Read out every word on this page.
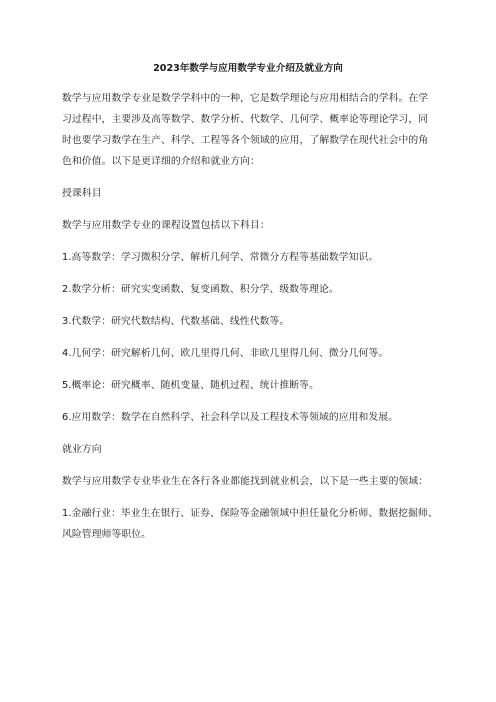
2023年数学与应用数学专业介绍及就业方向

数学与应用数学专业是数学学科中的一种，它是数学理论与应用相结合的学科。在学
习过程中，主要涉及高等数学、数学分析、代数学、几何学、概率论等理论学习，同
时也要学习数学在生产、科学、工程等各个领域的应用，了解数学在现代社会中的角
色和价值。以下是更详细的介绍和就业方向：

授课科目

数学与应用数学专业的课程设置包括以下科目：

1.高等数学：学习微积分学、解析几何学、常微分方程等基础数学知识。

2.数学分析：研究实变函数、复变函数、积分学、级数等理论。

3.代数学：研究代数结构、代数基础、线性代数等。

4.几何学：研究解析几何、欧几里得几何、非欧几里得几何、微分几何等。

5.概率论：研究概率、随机变量、随机过程、统计推断等。

6.应用数学：数学在自然科学、社会科学以及工程技术等领域的应用和发展。

就业方向

数学与应用数学专业毕业生在各行各业都能找到就业机会，以下是一些主要的领域：

1.金融行业：毕业生在银行、证券、保险等金融领域中担任量化分析师、数据挖掘师、
风险管理师等职位。
